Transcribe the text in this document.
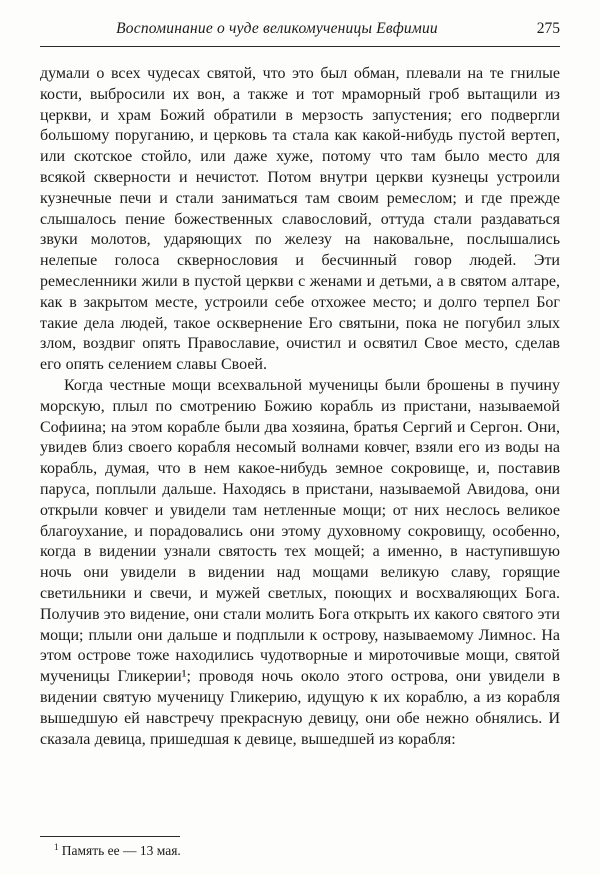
Воспоминание о чуде великомученицы Евфимии	275

думали о всех чудесах святой, что это был обман, плевали на те гнилые кости, выбросили их вон, а также и тот мраморный гроб вытащили из церкви, и храм Божий обратили в мерзость запустения; его подвергли большому поруганию, и церковь та стала как какой-нибудь пустой вертеп, или скотское стойло, или даже хуже, потому что там было место для всякой скверности и нечистот. Потом внутри церкви кузнецы устроили кузнечные печи и стали заниматься там своим ремеслом; и где прежде слышалось пение божественных славословий, оттуда стали раздаваться звуки молотов, ударяющих по железу на наковальне, послышались нелепые голоса сквернословия и бесчинный говор людей. Эти ремесленники жили в пустой церкви с женами и детьми, а в святом алтаре, как в закрытом месте, устроили себе отхожее место; и долго терпел Бог такие дела людей, такое осквернение Его святыни, пока не погубил злых злом, воздвиг опять Православие, очистил и освятил Свое место, сделав его опять селением славы Своей.

Когда честные мощи всехвальной мученицы были брошены в пучину морскую, плыл по смотрению Божию корабль из пристани, называемой Софиина; на этом корабле были два хозяина, братья Сергий и Сергон. Они, увидев близ своего корабля несомый волнами ковчег, взяли его из воды на корабль, думая, что в нем какое-нибудь земное сокровище, и, поставив паруса, поплыли дальше. Находясь в пристани, называемой Авидова, они открыли ковчег и увидели там нетленные мощи; от них неслось великое благоухание, и порадовались они этому духовному сокровищу, особенно, когда в видении узнали святость тех мощей; а именно, в наступившую ночь они увидели в видении над мощами великую славу, горящие светильники и свечи, и мужей светлых, поющих и восхваляющих Бога. Получив это видение, они стали молить Бога открыть их какого святого эти мощи; плыли они дальше и подплыли к острову, называемому Лимнос. На этом острове тоже находились чудотворные и мироточивые мощи, святой мученицы Гликерии¹; проводя ночь около этого острова, они увидели в видении святую мученицу Гликерию, идущую к их кораблю, а из корабля вышедшую ей навстречу прекрасную девицу, они обе нежно обнялись. И сказала девица, пришедшая к девице, вышедшей из корабля:

$^1$ Память ее — 13 мая.
